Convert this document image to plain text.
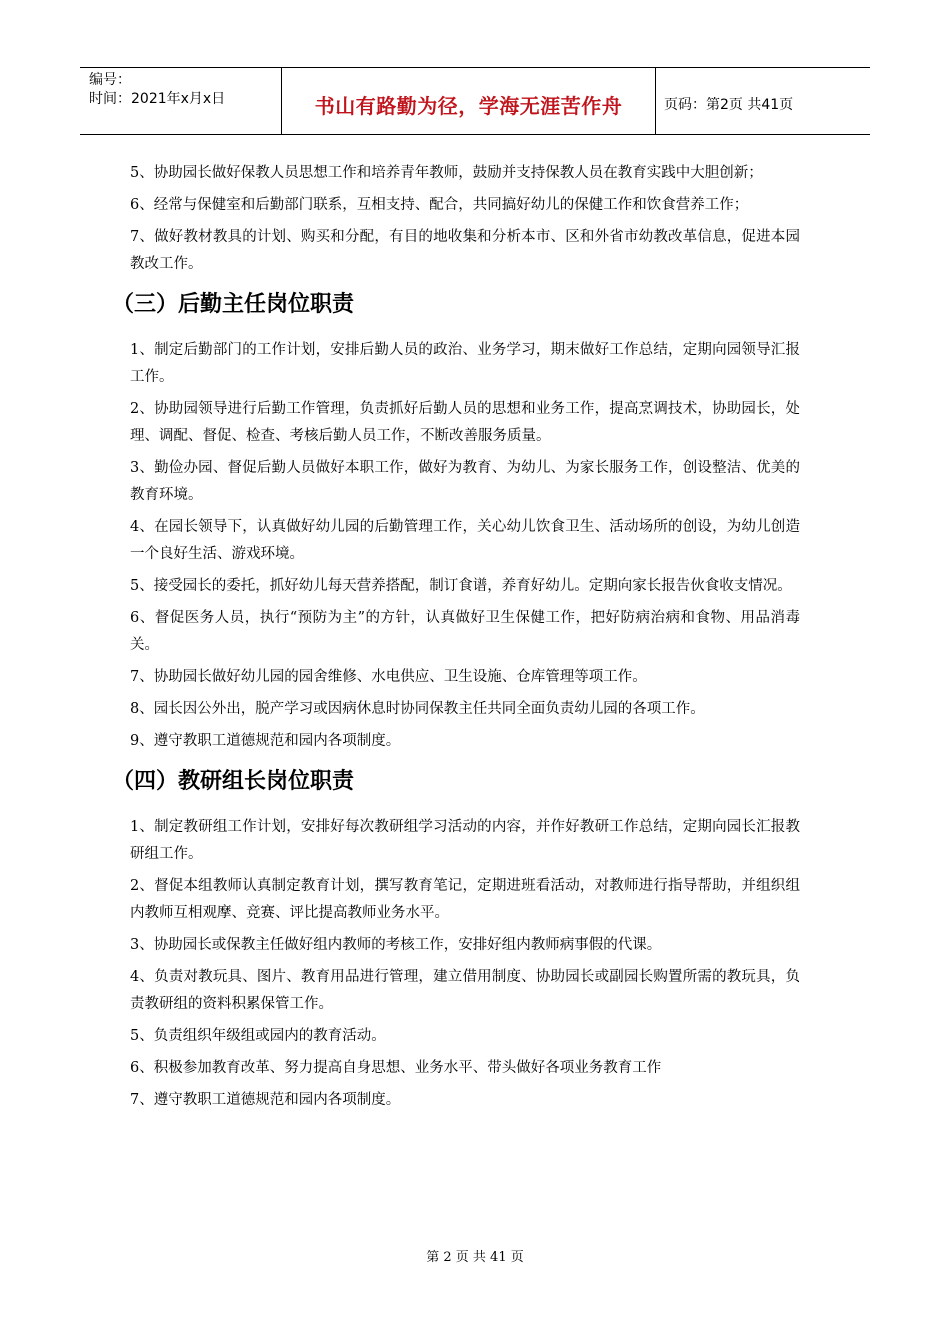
编号：
时间：2021年x月x日	书山有路勤为径，学海无涯苦作舟	页码：第2页 共41页

5、协助园长做好保教人员思想工作和培养青年教师，鼓励并支持保教人员在教育实践中大胆创新；

6、经常与保健室和后勤部门联系，互相支持、配合，共同搞好幼儿的保健工作和饮食营养工作；

7、做好教材教具的计划、购买和分配，有目的地收集和分析本市、区和外省市幼教改革信息，促进本园教改工作。

（三）后勤主任岗位职责

1、制定后勤部门的工作计划，安排后勤人员的政治、业务学习，期末做好工作总结，定期向园领导汇报工作。

2、协助园领导进行后勤工作管理，负责抓好后勤人员的思想和业务工作，提高烹调技术，协助园长，处理、调配、督促、检查、考核后勤人员工作，不断改善服务质量。

3、勤俭办园、督促后勤人员做好本职工作，做好为教育、为幼儿、为家长服务工作，创设整洁、优美的教育环境。

4、在园长领导下，认真做好幼儿园的后勤管理工作，关心幼儿饮食卫生、活动场所的创设，为幼儿创造一个良好生活、游戏环境。

5、接受园长的委托，抓好幼儿每天营养搭配，制订食谱，养育好幼儿。定期向家长报告伙食收支情况。

6、督促医务人员，执行“预防为主”的方针，认真做好卫生保健工作，把好防病治病和食物、用品消毒关。

7、协助园长做好幼儿园的园舍维修、水电供应、卫生设施、仓库管理等项工作。

8、园长因公外出，脱产学习或因病休息时协同保教主任共同全面负责幼儿园的各项工作。

9、遵守教职工道德规范和园内各项制度。

（四）教研组长岗位职责

1、制定教研组工作计划，安排好每次教研组学习活动的内容，并作好教研工作总结，定期向园长汇报教研组工作。

2、督促本组教师认真制定教育计划，撰写教育笔记，定期进班看活动，对教师进行指导帮助，并组织组内教师互相观摩、竞赛、评比提高教师业务水平。

3、协助园长或保教主任做好组内教师的考核工作，安排好组内教师病事假的代课。

4、负责对教玩具、图片、教育用品进行管理，建立借用制度、协助园长或副园长购置所需的教玩具，负责教研组的资料积累保管工作。

5、负责组织年级组或园内的教育活动。

6、积极参加教育改革、努力提高自身思想、业务水平、带头做好各项业务教育工作

7、遵守教职工道德规范和园内各项制度。

第 2 页 共 41 页
